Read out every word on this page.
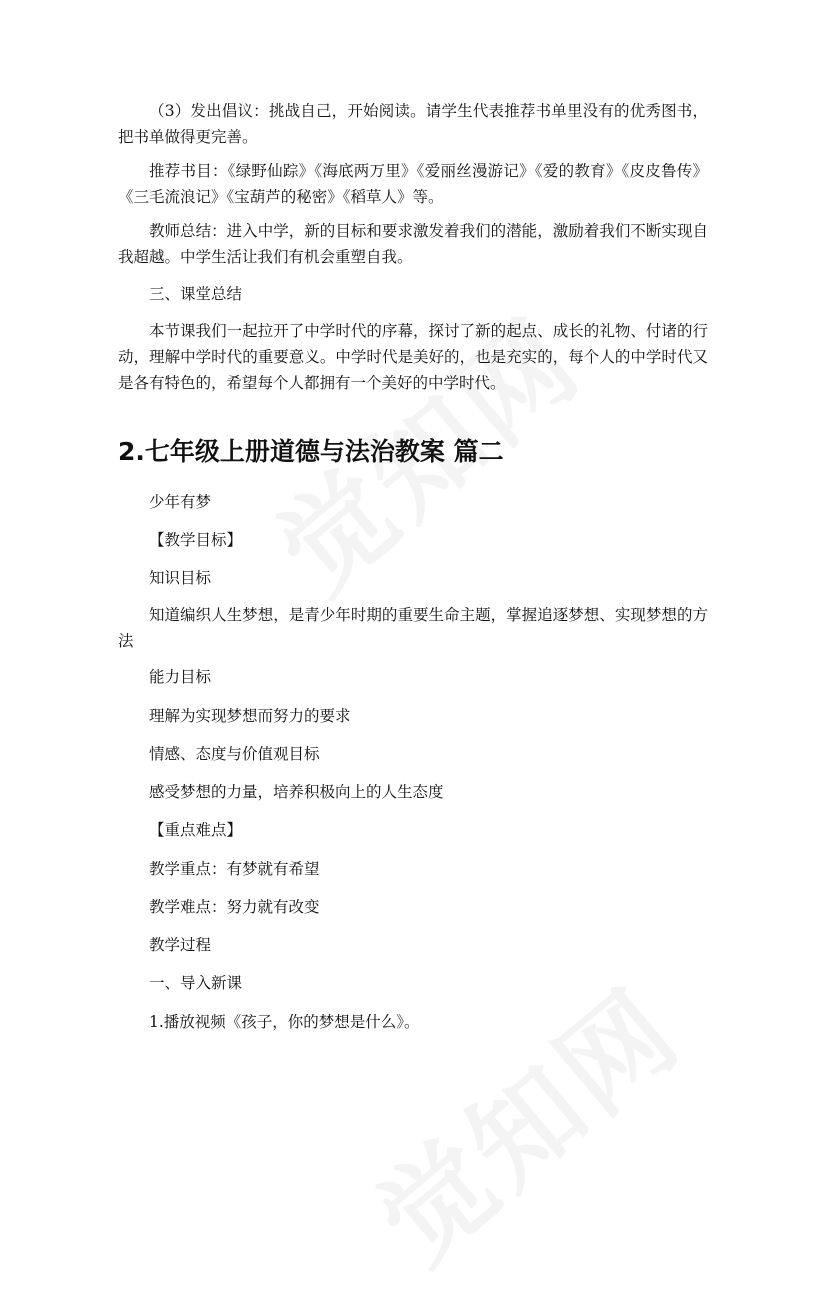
（3）发出倡议：挑战自己，开始阅读。请学生代表推荐书单里没有的优秀图书，把书单做得更完善。

推荐书目：《绿野仙踪》《海底两万里》《爱丽丝漫游记》《爱的教育》《皮皮鲁传》《三毛流浪记》《宝葫芦的秘密》《稻草人》等。

教师总结：进入中学，新的目标和要求激发着我们的潜能，激励着我们不断实现自我超越。中学生活让我们有机会重塑自我。

三、课堂总结

本节课我们一起拉开了中学时代的序幕，探讨了新的起点、成长的礼物、付诸的行动，理解中学时代的重要意义。中学时代是美好的，也是充实的，每个人的中学时代又是各有特色的，希望每个人都拥有一个美好的中学时代。

2.七年级上册道德与法治教案 篇二

少年有梦

【教学目标】

知识目标

知道编织人生梦想，是青少年时期的重要生命主题，掌握追逐梦想、实现梦想的方法

能力目标

理解为实现梦想而努力的要求

情感、态度与价值观目标

感受梦想的力量，培养积极向上的人生态度

【重点难点】

教学重点：有梦就有希望

教学难点：努力就有改变

教学过程

一、导入新课

1.播放视频《孩子，你的梦想是什么》。
